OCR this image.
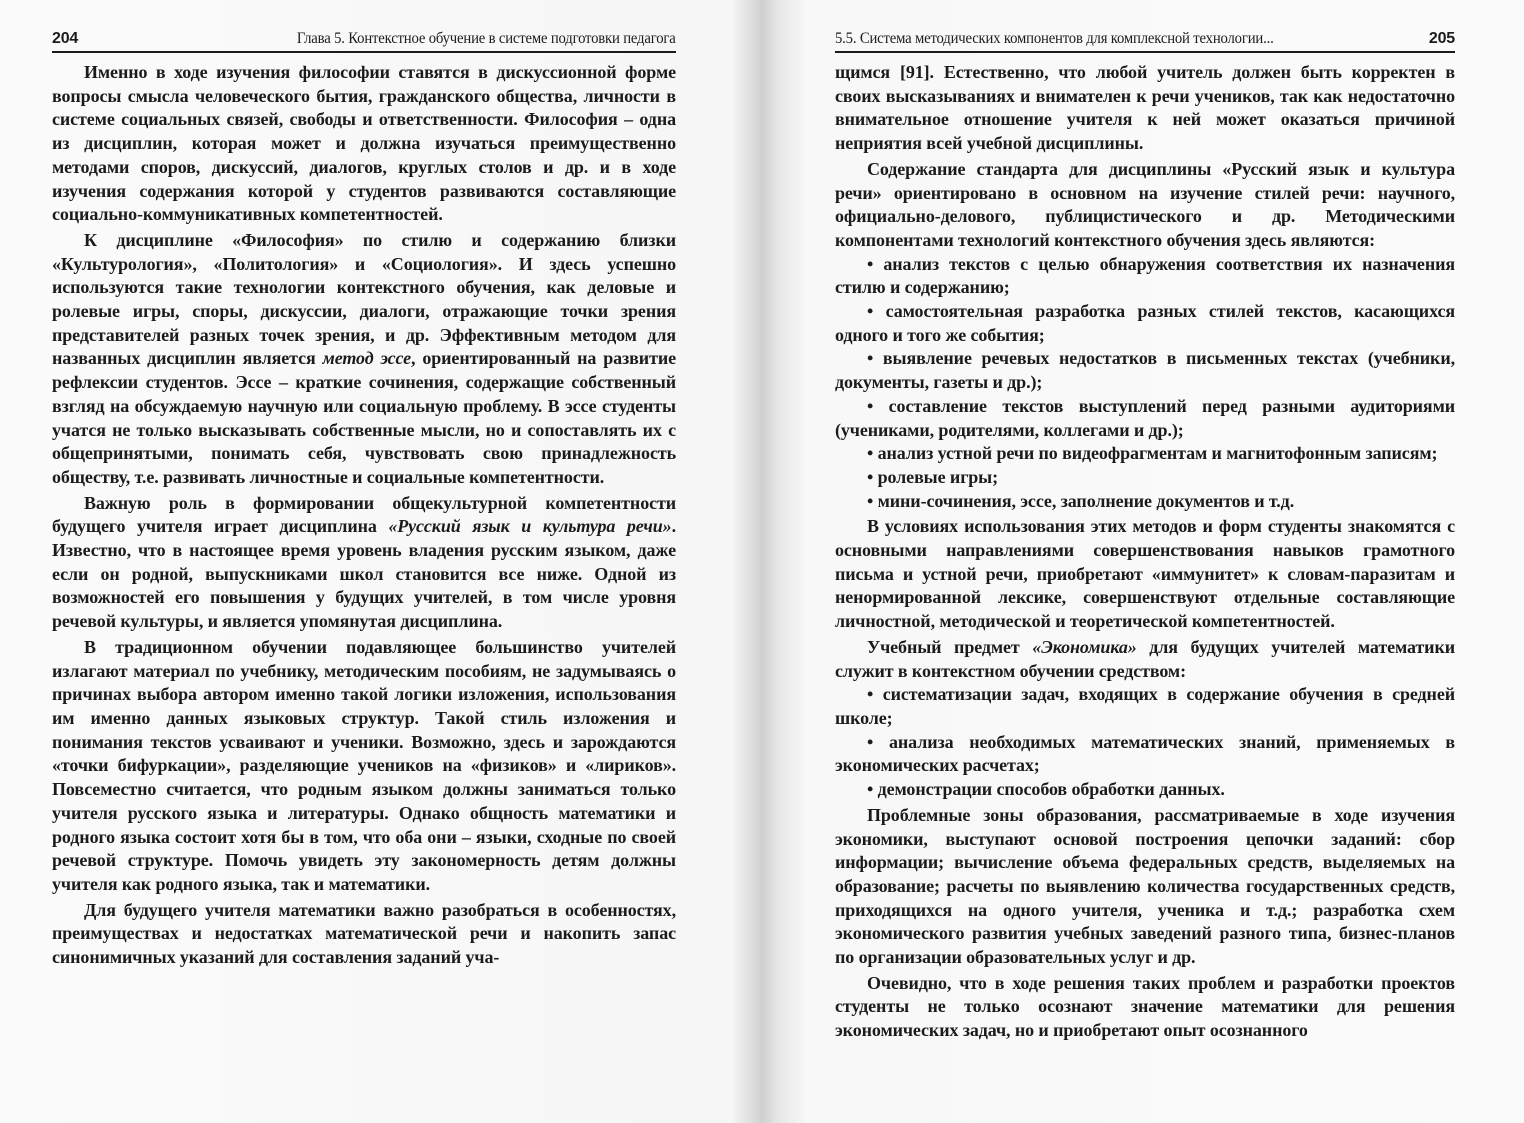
204	Глава 5. Контекстное обучение в системе подготовки педагога

Именно в ходе изучения философии ставятся в дискуссионной форме вопросы смысла человеческого бытия, гражданского общества, личности в системе социальных связей, свободы и ответственности. Философия – одна из дисциплин, которая может и должна изучаться преимущественно методами споров, дискуссий, диалогов, круглых столов и др. и в ходе изучения содержания которой у студентов развиваются составляющие социально-коммуникативных компетентностей.

К дисциплине «Философия» по стилю и содержанию близки «Культурология», «Политология» и «Социология». И здесь успешно используются такие технологии контекстного обучения, как деловые и ролевые игры, споры, дискуссии, диалоги, отражающие точки зрения представителей разных точек зрения, и др. Эффективным методом для названных дисциплин является метод эссе, ориентированный на развитие рефлексии студентов. Эссе – краткие сочинения, содержащие собственный взгляд на обсуждаемую научную или социальную проблему. В эссе студенты учатся не только высказывать собственные мысли, но и сопоставлять их с общепринятыми, понимать себя, чувствовать свою принадлежность обществу, т.е. развивать личностные и социальные компетентности.

Важную роль в формировании общекультурной компетентности будущего учителя играет дисциплина «Русский язык и культура речи». Известно, что в настоящее время уровень владения русским языком, даже если он родной, выпускниками школ становится все ниже. Одной из возможностей его повышения у будущих учителей, в том числе уровня речевой культуры, и является упомянутая дисциплина.

В традиционном обучении подавляющее большинство учителей излагают материал по учебнику, методическим пособиям, не задумываясь о причинах выбора автором именно такой логики изложения, использования им именно данных языковых структур. Такой стиль изложения и понимания текстов усваивают и ученики. Возможно, здесь и зарождаются «точки бифуркации», разделяющие учеников на «физиков» и «лириков». Повсеместно считается, что родным языком должны заниматься только учителя русского языка и литературы. Однако общность математики и родного языка состоит хотя бы в том, что оба они – языки, сходные по своей речевой структуре. Помочь увидеть эту закономерность детям должны учителя как родного языка, так и математики.

Для будущего учителя математики важно разобраться в особенностях, преимуществах и недостатках математической речи и накопить запас синонимичных указаний для составления заданий уча-

5.5. Система методических компонентов для комплексной технологии...	205

щимся [91]. Естественно, что любой учитель должен быть корректен в своих высказываниях и внимателен к речи учеников, так как недостаточно внимательное отношение учителя к ней может оказаться причиной неприятия всей учебной дисциплины.

Содержание стандарта для дисциплины «Русский язык и культура речи» ориентировано в основном на изучение стилей речи: научного, официально-делового, публицистического и др. Методическими компонентами технологий контекстного обучения здесь являются:

• анализ текстов с целью обнаружения соответствия их назначения стилю и содержанию;

• самостоятельная разработка разных стилей текстов, касающихся одного и того же события;

• выявление речевых недостатков в письменных текстах (учебники, документы, газеты и др.);

• составление текстов выступлений перед разными аудиториями (учениками, родителями, коллегами и др.);

• анализ устной речи по видеофрагментам и магнитофонным записям;

• ролевые игры;

• мини-сочинения, эссе, заполнение документов и т.д.

В условиях использования этих методов и форм студенты знакомятся с основными направлениями совершенствования навыков грамотного письма и устной речи, приобретают «иммунитет» к словам-паразитам и ненормированной лексике, совершенствуют отдельные составляющие личностной, методической и теоретической компетентностей.

Учебный предмет «Экономика» для будущих учителей математики служит в контекстном обучении средством:

• систематизации задач, входящих в содержание обучения в средней школе;

• анализа необходимых математических знаний, применяемых в экономических расчетах;

• демонстрации способов обработки данных.

Проблемные зоны образования, рассматриваемые в ходе изучения экономики, выступают основой построения цепочки заданий: сбор информации; вычисление объема федеральных средств, выделяемых на образование; расчеты по выявлению количества государственных средств, приходящихся на одного учителя, ученика и т.д.; разработка схем экономического развития учебных заведений разного типа, бизнес-планов по организации образовательных услуг и др.

Очевидно, что в ходе решения таких проблем и разработки проектов студенты не только осознают значение математики для решения экономических задач, но и приобретают опыт осознанного
